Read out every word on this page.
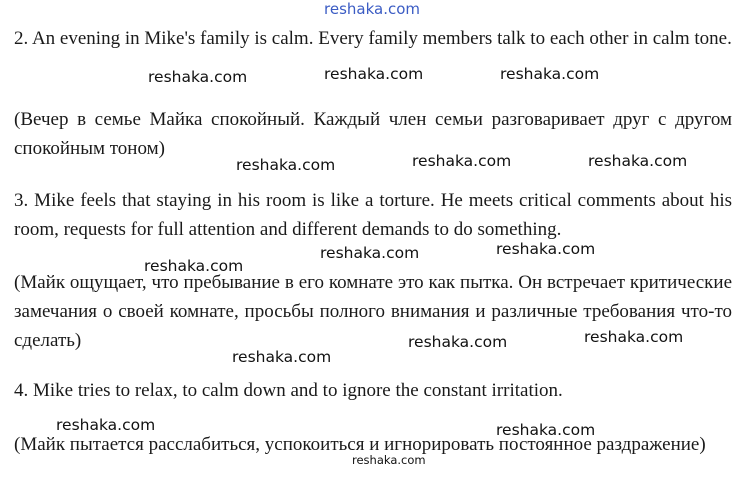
reshaka.com

2. An evening in Mike's family is calm. Every family members talk to each other in calm tone.

(Вечер в семье Майка спокойный. Каждый член семьи разговаривает друг с другом спокойным тоном)

3. Mike feels that staying in his room is like a torture. He meets critical comments about his room, requests for full attention and different demands to do something.

(Майк ощущает, что пребывание в его комнате это как пытка. Он встречает критические замечания о своей комнате, просьбы полного внимания и различные требования что-то сделать)

4. Mike tries to relax, to calm down and to ignore the constant irritation.

(Майк пытается расслабиться, успокоиться и игнорировать постоянное раздражение)

reshaka.com	reshaka.com	reshaka.com
reshaka.com	reshaka.com	reshaka.com
reshaka.com	reshaka.com
reshaka.com
reshaka.com	reshaka.com
reshaka.com
reshaka.com	reshaka.com
reshaka.com
